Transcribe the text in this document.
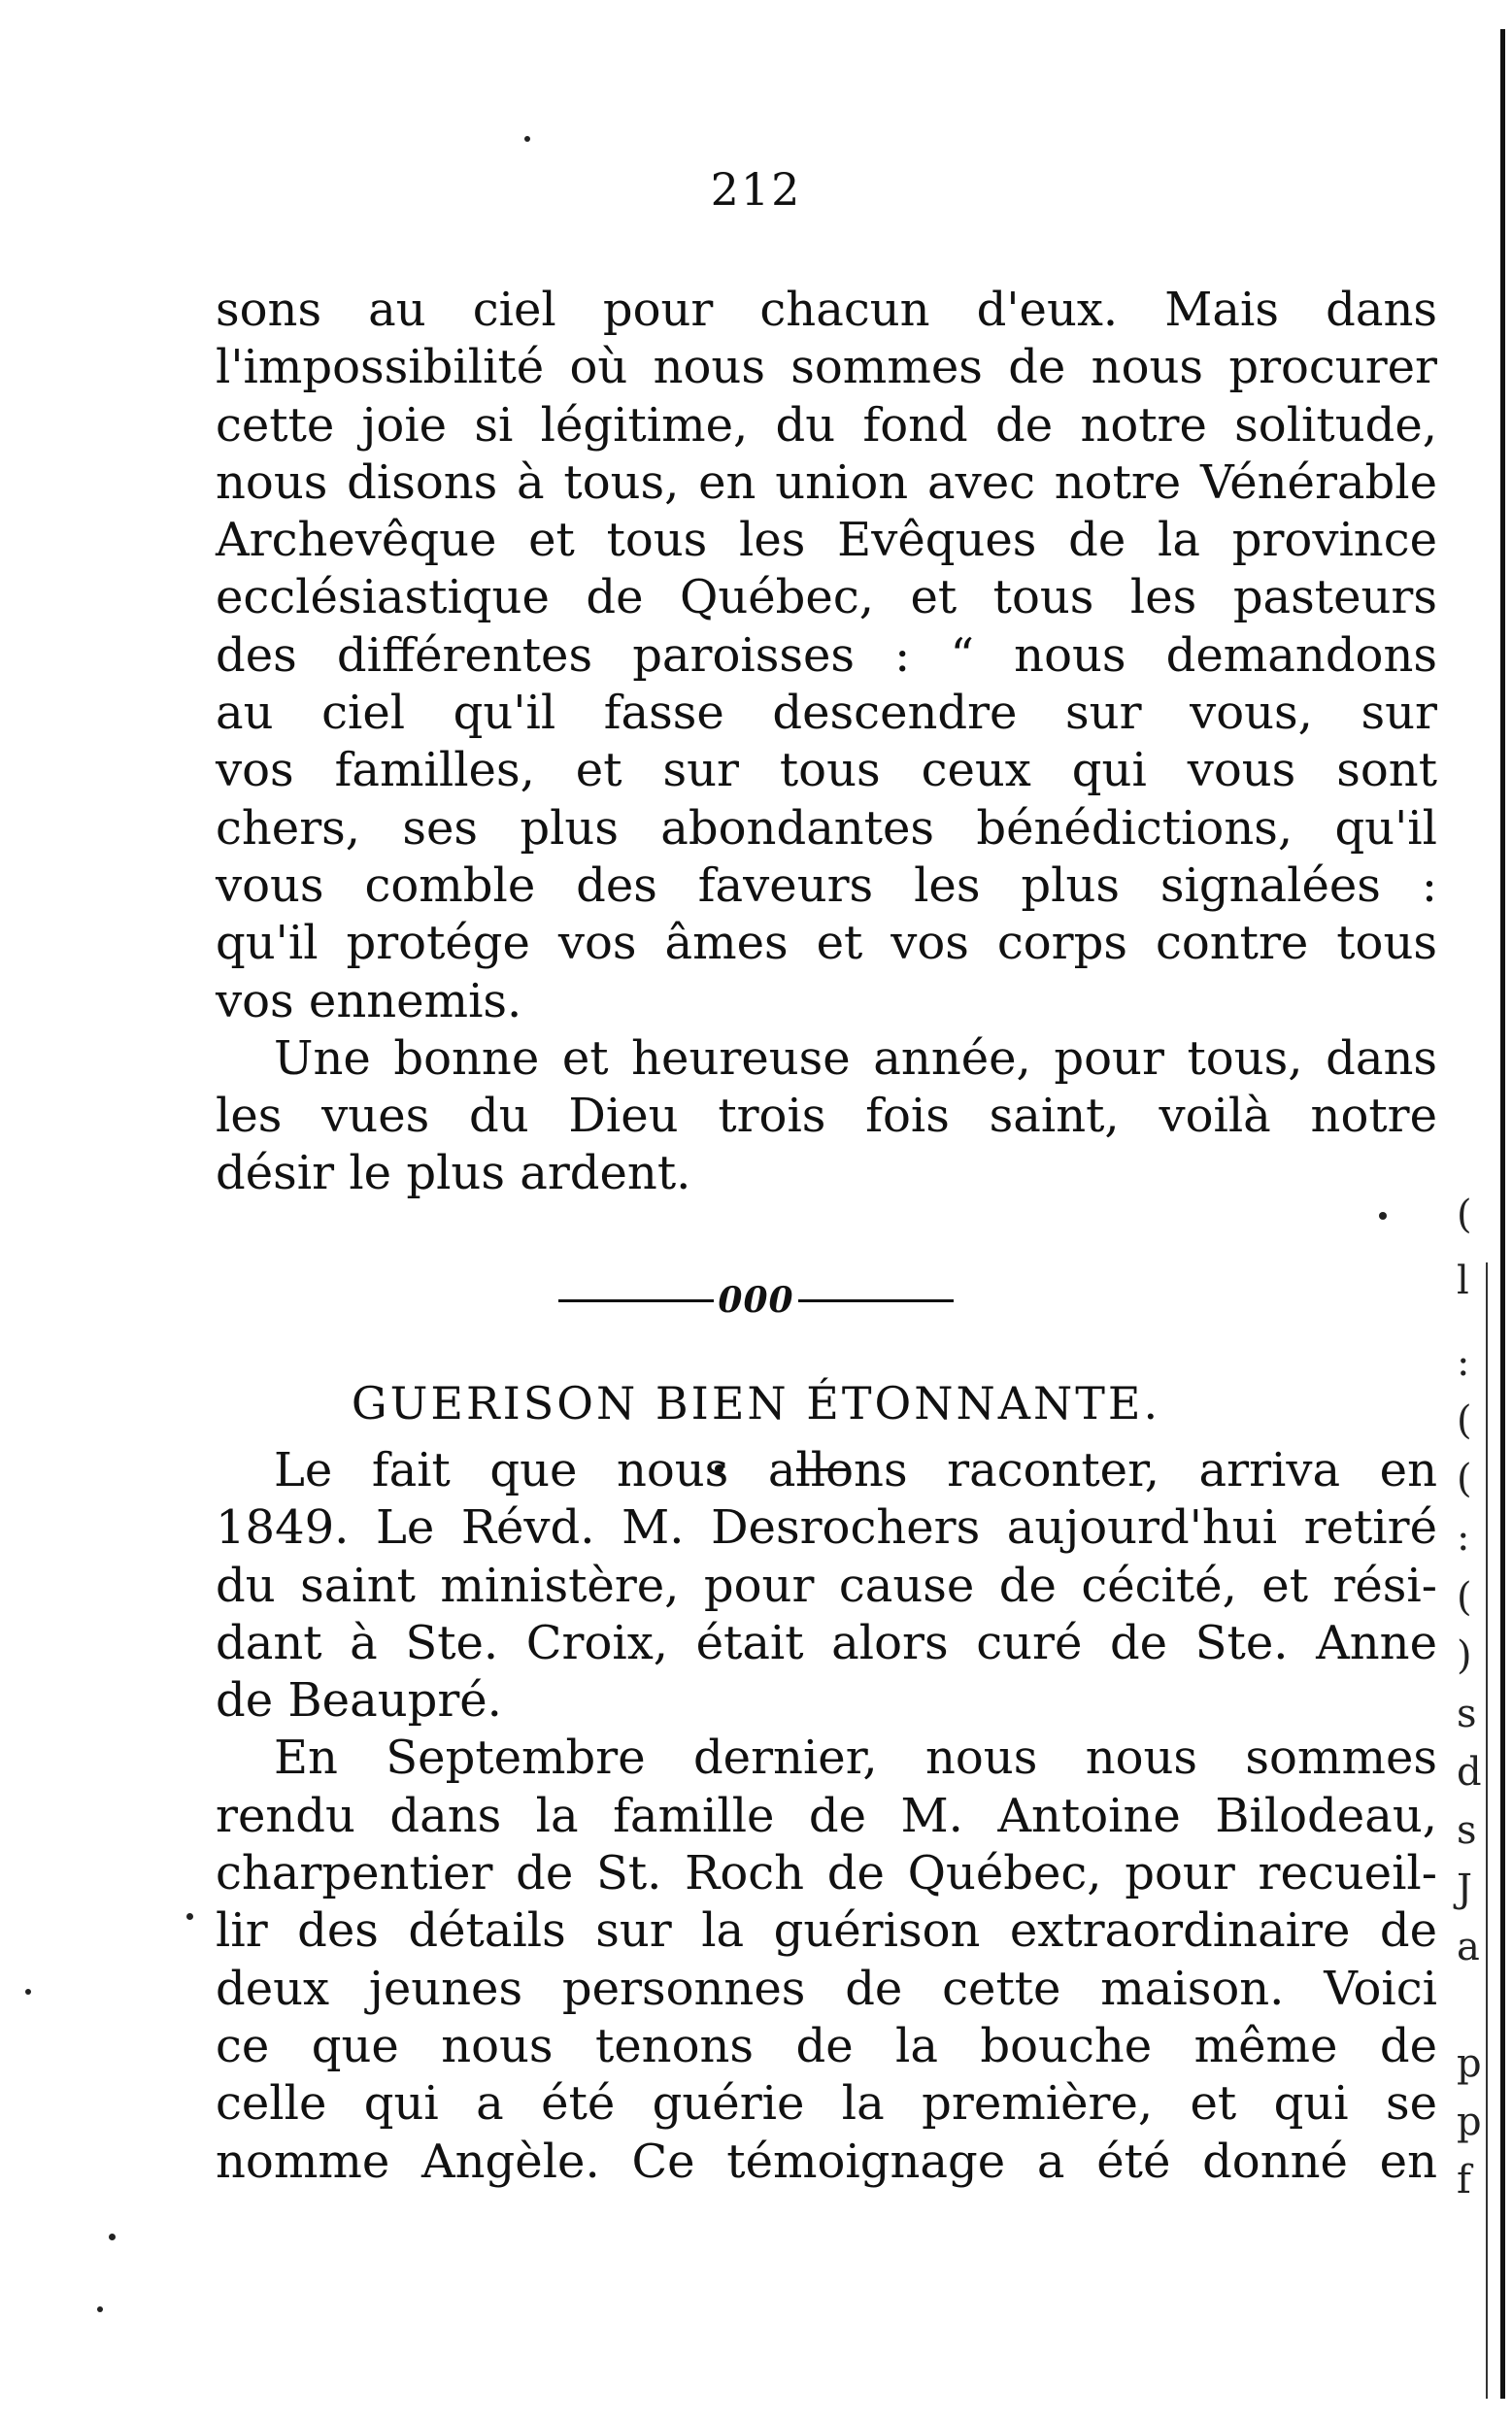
212
sons au ciel pour chacun d'eux. Mais dans
l'impossibilité où nous sommes de nous procurer
cette joie si légitime, du fond de notre solitude,
nous disons à tous, en union avec notre Vénérable
Archevêque et tous les Evêques de la province
ecclésiastique de Québec, et tous les pasteurs
des différentes paroisses : “ nous demandons
au ciel qu'il fasse descendre sur vous, sur
vos familles, et sur tous ceux qui vous sont
chers, ses plus abondantes bénédictions, qu'il
vous comble des faveurs les plus signalées :
qu'il protége vos âmes et vos corps contre tous
vos ennemis.
Une bonne et heureuse année, pour tous, dans
les vues du Dieu trois fois saint, voilà notre
désir le plus ardent.
000
GUERISON BIEN ÉTONNANTE.
Le fait que nous allons raconter, arriva en
1849. Le Révd. M. Desrochers aujourd'hui retiré
du saint ministère, pour cause de cécité, et rési-
dant à Ste. Croix, était alors curé de Ste. Anne
de Beaupré.
En Septembre dernier, nous nous sommes
rendu dans la famille de M. Antoine Bilodeau,
charpentier de St. Roch de Québec, pour recueil-
lir des détails sur la guérison extraordinaire de
deux jeunes personnes de cette maison. Voici
ce que nous tenons de la bouche même de
celle qui a été guérie la première, et qui se
nomme Angèle. Ce témoignage a été donné en
(
l
:
(
(
:
(
)
s
d
s
J
a
p
p
f
